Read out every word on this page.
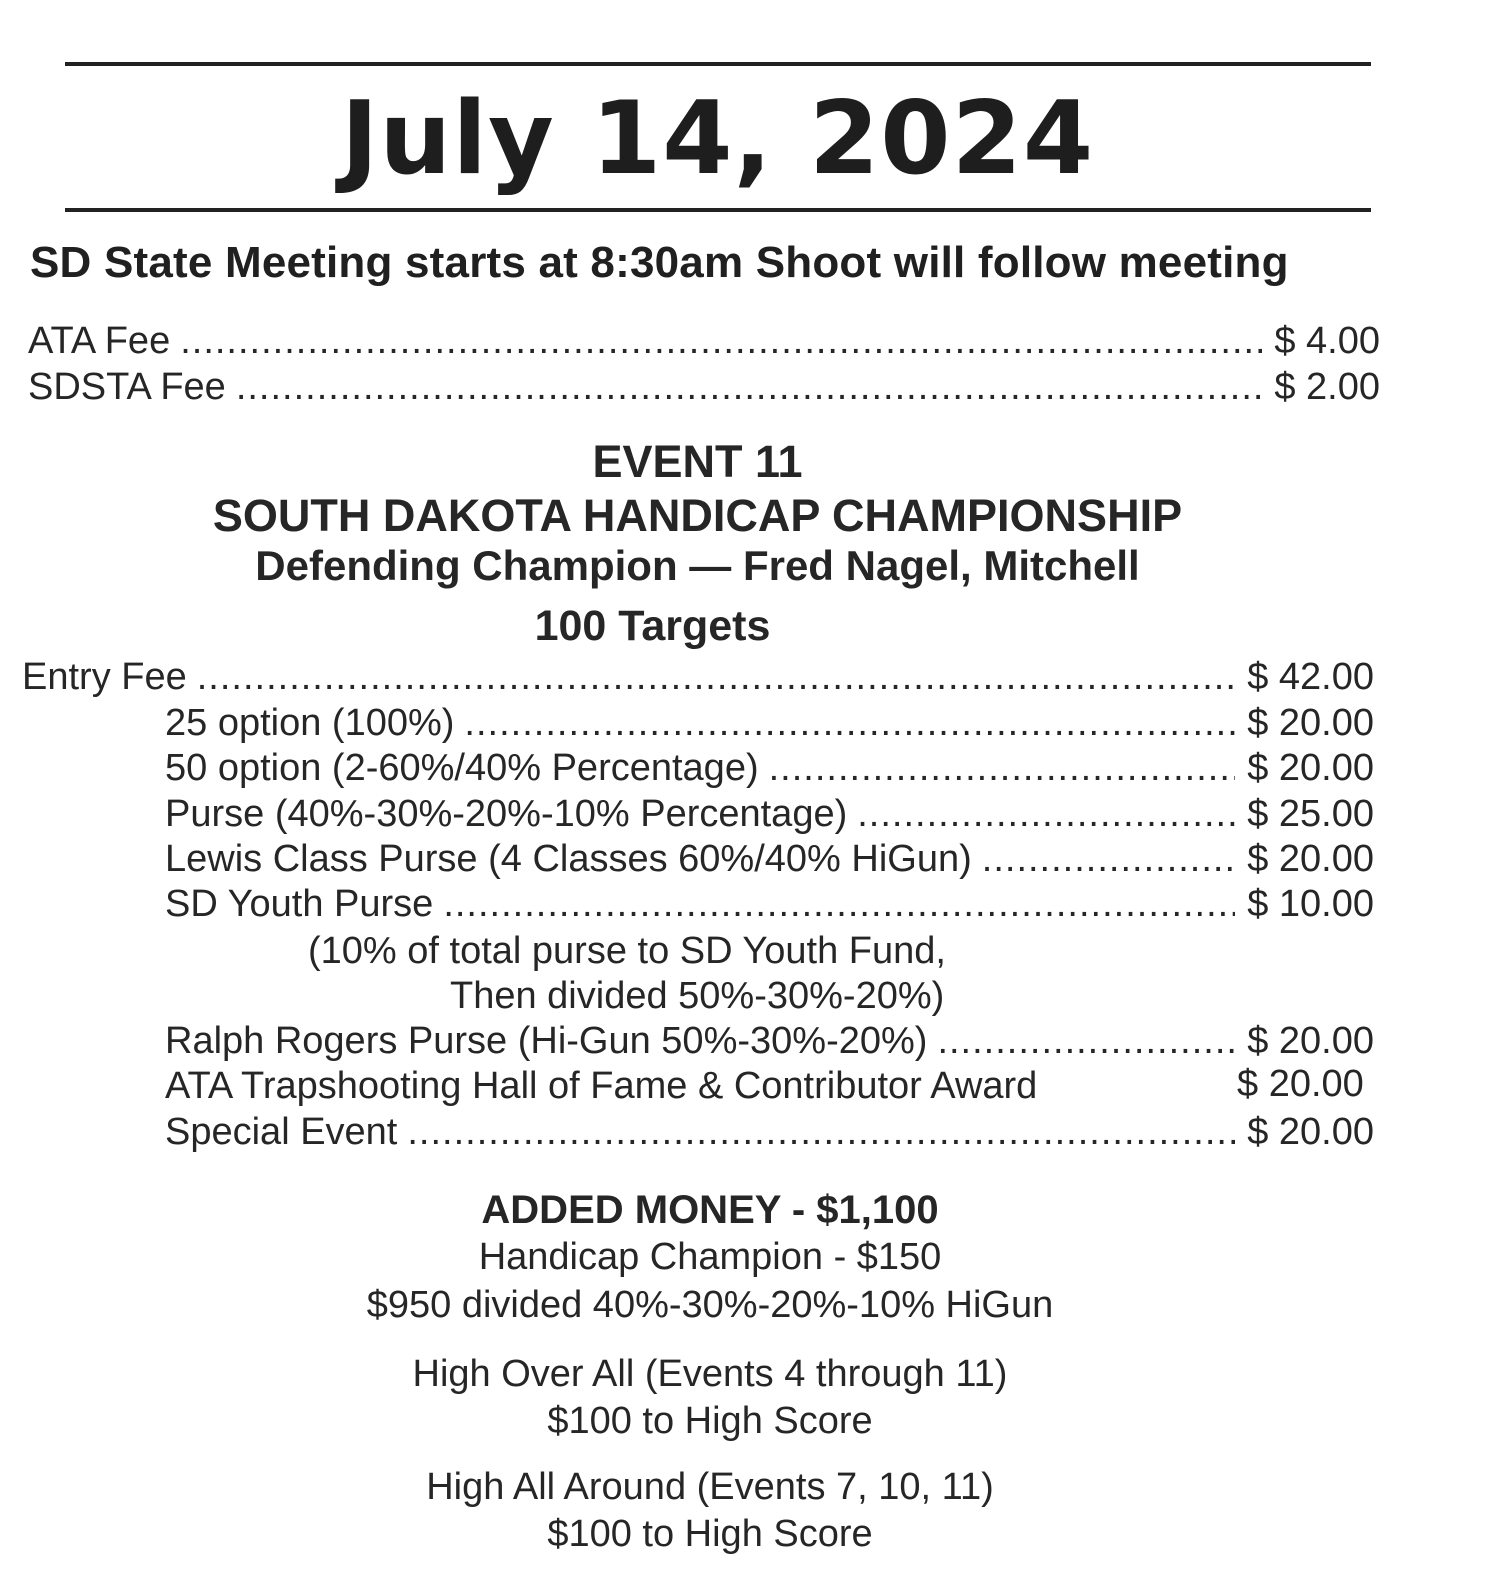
July 14, 2024
SD State Meeting starts at 8:30am Shoot will follow meeting
ATA Fee .....	$ 4.00
SDSTA Fee .....	$ 2.00
EVENT 11
SOUTH DAKOTA HANDICAP CHAMPIONSHIP
Defending Champion — Fred Nagel, Mitchell
100 Targets
Entry Fee .....	$ 42.00
25 option (100%) .....	$ 20.00
50 option (2-60%/40% Percentage) .....	$ 20.00
Purse (40%-30%-20%-10% Percentage) .....	$ 25.00
Lewis Class Purse (4 Classes 60%/40% HiGun) .....	$ 20.00
SD Youth Purse .....	$ 10.00
(10% of total purse to SD Youth Fund,
Then divided 50%-30%-20%)
Ralph Rogers Purse (Hi-Gun 50%-30%-20%) .....	$ 20.00
ATA Trapshooting Hall of Fame & Contributor Award	$ 20.00
Special Event .....	$ 20.00
ADDED MONEY - $1,100
Handicap Champion - $150
$950 divided 40%-30%-20%-10% HiGun
High Over All (Events 4 through 11)
$100 to High Score
High All Around (Events 7, 10, 11)
$100 to High Score
